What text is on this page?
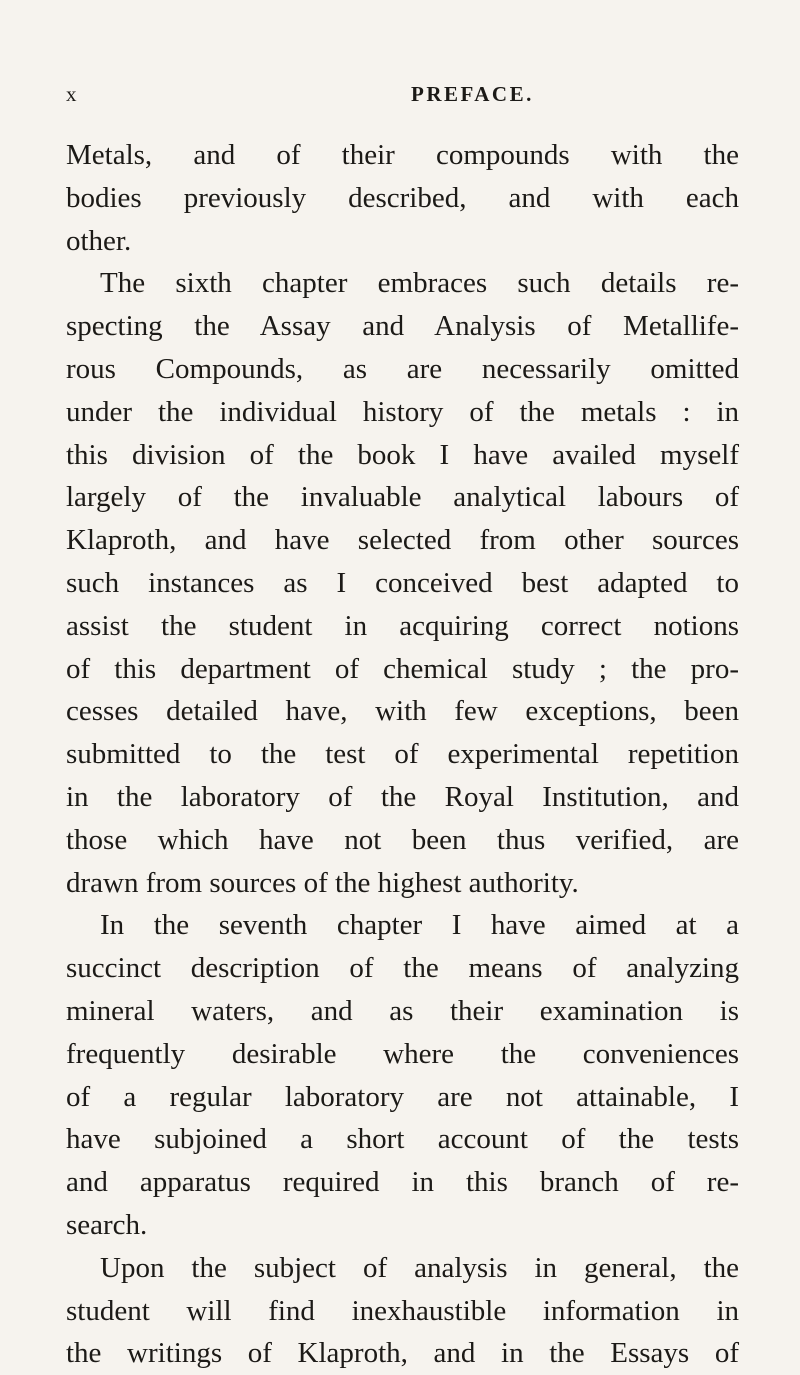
x	PREFACE.
Metals, and of their compounds with the
bodies previously described, and with each
other.
The sixth chapter embraces such details re-
specting the Assay and Analysis of Metallife-
rous Compounds, as are necessarily omitted
under the individual history of the metals : in
this division of the book I have availed myself
largely of the invaluable analytical labours of
Klaproth, and have selected from other sources
such instances as I conceived best adapted to
assist the student in acquiring correct notions
of this department of chemical study ; the pro-
cesses detailed have, with few exceptions, been
submitted to the test of experimental repetition
in the laboratory of the Royal Institution, and
those which have not been thus verified, are
drawn from sources of the highest authority.
In the seventh chapter I have aimed at a
succinct description of the means of analyzing
mineral waters, and as their examination is
frequently desirable where the conveniences
of a regular laboratory are not attainable, I
have subjoined a short account of the tests
and apparatus required in this branch of re-
search.
Upon the subject of analysis in general, the
student will find inexhaustible information in
the writings of Klaproth, and in the Essays of
